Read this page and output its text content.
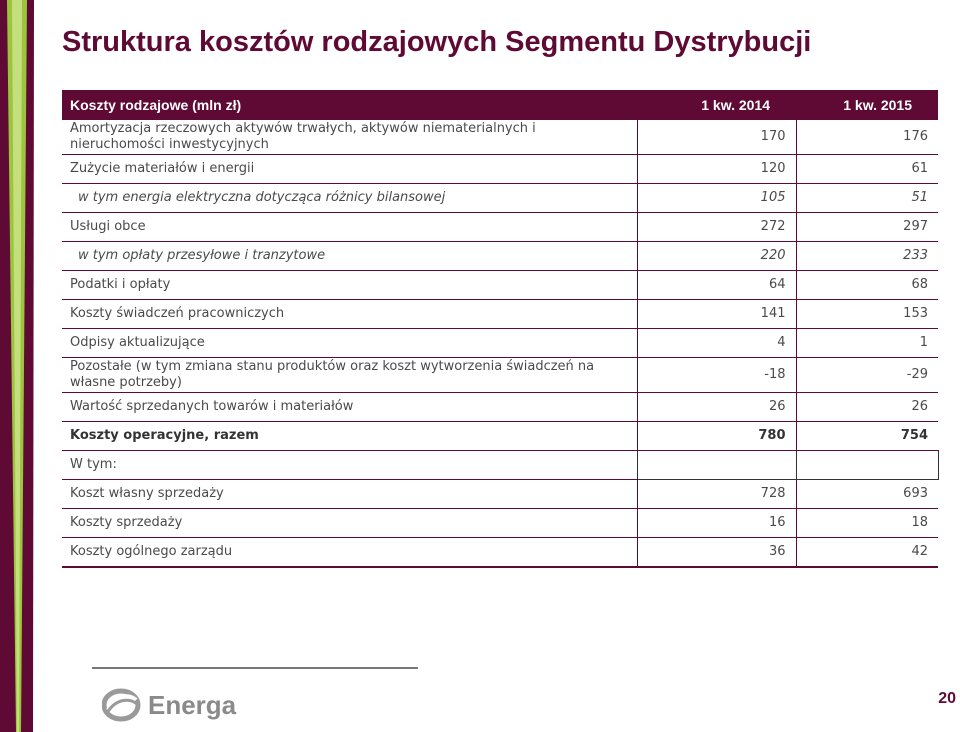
Struktura kosztów rodzajowych Segmentu Dystrybucji
Koszty rodzajowe (mln zł)	1 kw. 2014	1 kw. 2015
Amortyzacja rzeczowych aktywów trwałych, aktywów niematerialnych i nieruchomości inwestycyjnych	170	176
Zużycie materiałów i energii	120	61
w tym energia elektryczna dotycząca różnicy bilansowej	105	51
Usługi obce	272	297
w tym opłaty przesyłowe i tranzytowe	220	233
Podatki i opłaty	64	68
Koszty świadczeń pracowniczych	141	153
Odpisy aktualizujące	4	1
Pozostałe (w tym zmiana stanu produktów oraz koszt wytworzenia świadczeń na własne potrzeby)	-18	-29
Wartość sprzedanych towarów i materiałów	26	26
Koszty operacyjne, razem	780	754
W tym:		
Koszt własny sprzedaży	728	693
Koszty sprzedaży	16	18
Koszty ogólnego zarządu	36	42
Energa	20
